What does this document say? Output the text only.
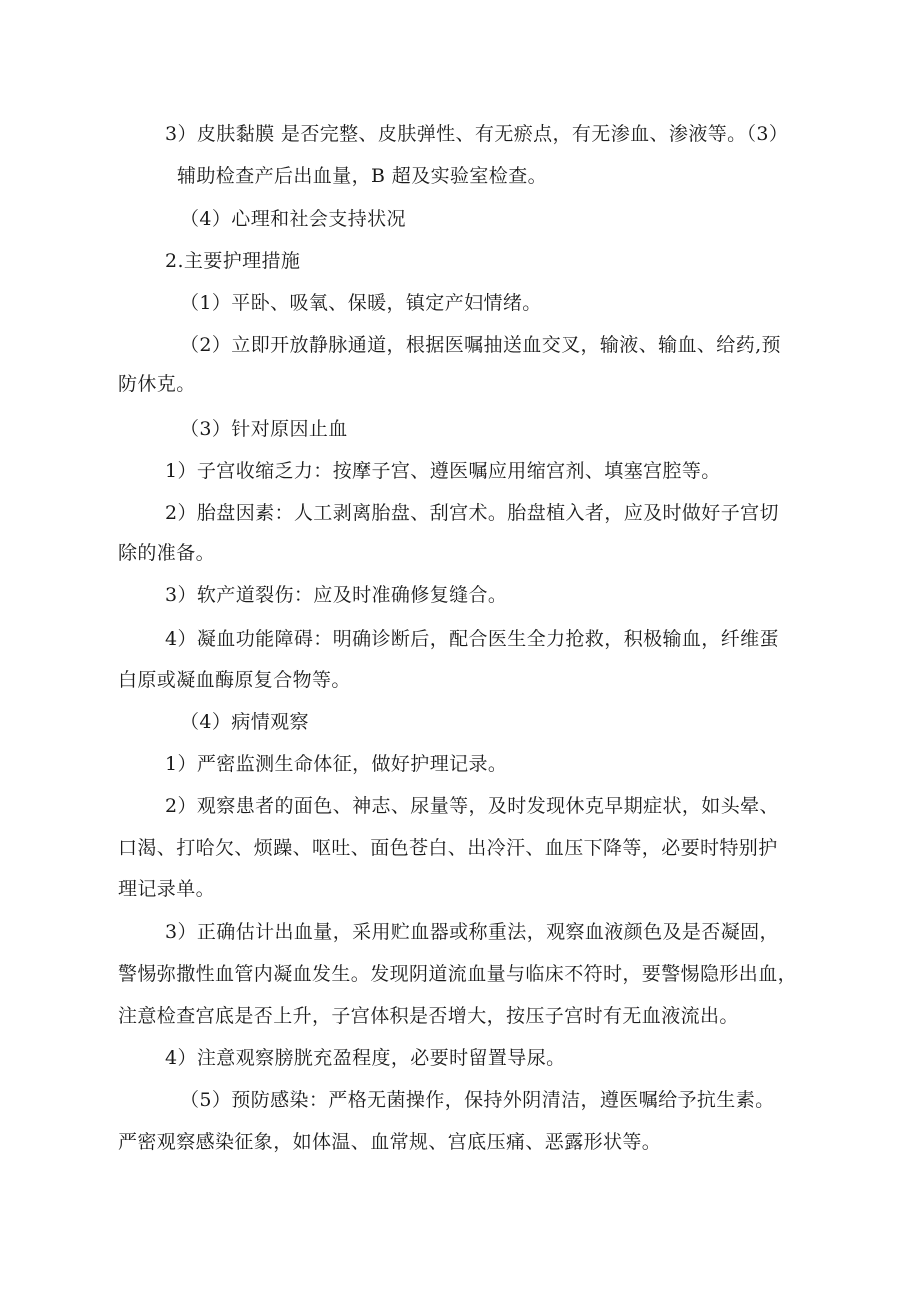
3）皮肤黏膜 是否完整、皮肤弹性、有无瘀点，有无渗血、渗液等。（3）
辅助检查产后出血量，B 超及实验室检查。
（4）心理和社会支持状况
2.主要护理措施
（1）平卧、吸氧、保暖，镇定产妇情绪。
（2）立即开放静脉通道，根据医嘱抽送血交叉，输液、输血、给药,预
防休克。
（3）针对原因止血
1）子宫收缩乏力：按摩子宫、遵医嘱应用缩宫剂、填塞宫腔等。
2）胎盘因素：人工剥离胎盘、刮宫术。胎盘植入者，应及时做好子宫切
除的准备。
3）软产道裂伤：应及时准确修复缝合。
4）凝血功能障碍：明确诊断后，配合医生全力抢救，积极输血，纤维蛋
白原或凝血酶原复合物等。
（4）病情观察
1）严密监测生命体征，做好护理记录。
2）观察患者的面色、神志、尿量等，及时发现休克早期症状，如头晕、
口渴、打哈欠、烦躁、呕吐、面色苍白、出冷汗、血压下降等，必要时特别护
理记录单。
3）正确估计出血量，采用贮血器或称重法，观察血液颜色及是否凝固，
警惕弥撒性血管内凝血发生。发现阴道流血量与临床不符时，要警惕隐形出血，
注意检查宫底是否上升，子宫体积是否增大，按压子宫时有无血液流出。
4）注意观察膀胱充盈程度，必要时留置导尿。
（5）预防感染：严格无菌操作，保持外阴清洁，遵医嘱给予抗生素。
严密观察感染征象，如体温、血常规、宫底压痛、恶露形状等。
